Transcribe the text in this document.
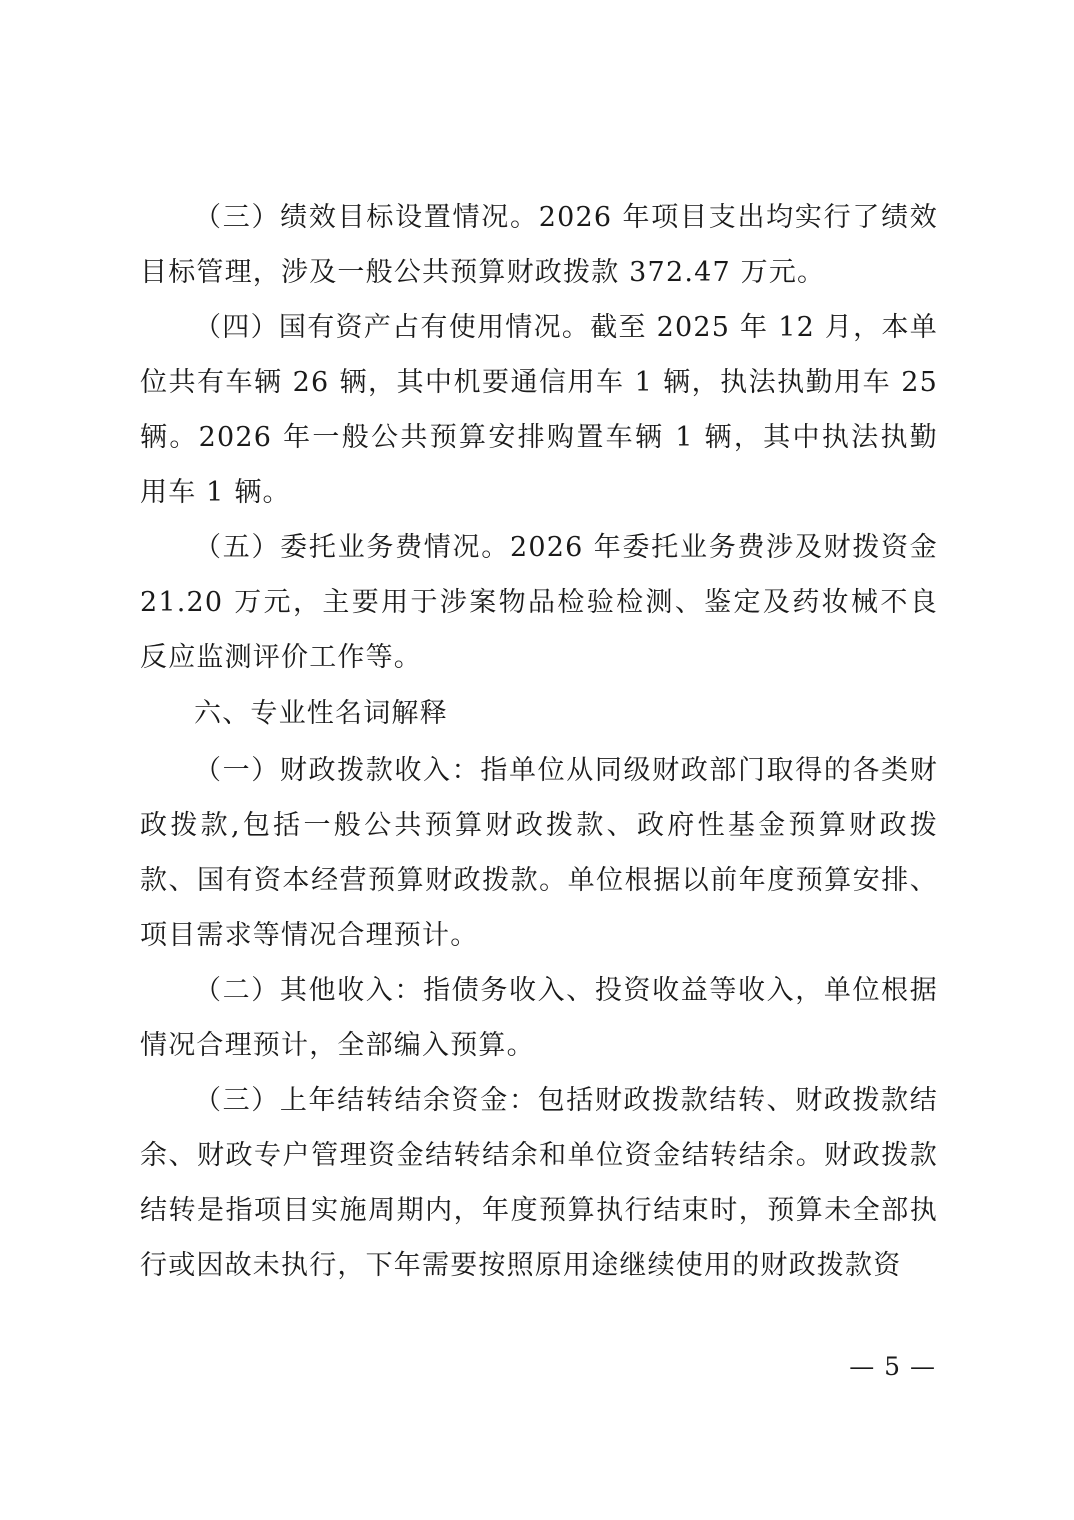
（三）绩效目标设置情况。2026 年项目支出均实行了绩效目标管理，涉及一般公共预算财政拨款 372.47 万元。

（四）国有资产占有使用情况。截至 2025 年 12 月，本单位共有车辆 26 辆，其中机要通信用车 1 辆，执法执勤用车 25 辆。2026 年一般公共预算安排购置车辆 1 辆，其中执法执勤用车 1 辆。

（五）委托业务费情况。2026 年委托业务费涉及财拨资金 21.20 万元，主要用于涉案物品检验检测、鉴定及药妆械不良反应监测评价工作等。

六、专业性名词解释

（一）财政拨款收入：指单位从同级财政部门取得的各类财政拨款,包括一般公共预算财政拨款、政府性基金预算财政拨款、国有资本经营预算财政拨款。单位根据以前年度预算安排、项目需求等情况合理预计。

（二）其他收入：指债务收入、投资收益等收入，单位根据情况合理预计，全部编入预算。

（三）上年结转结余资金：包括财政拨款结转、财政拨款结余、财政专户管理资金结转结余和单位资金结转结余。财政拨款结转是指项目实施周期内，年度预算执行结束时，预算未全部执行或因故未执行，下年需要按照原用途继续使用的财政拨款资

— 5 —
